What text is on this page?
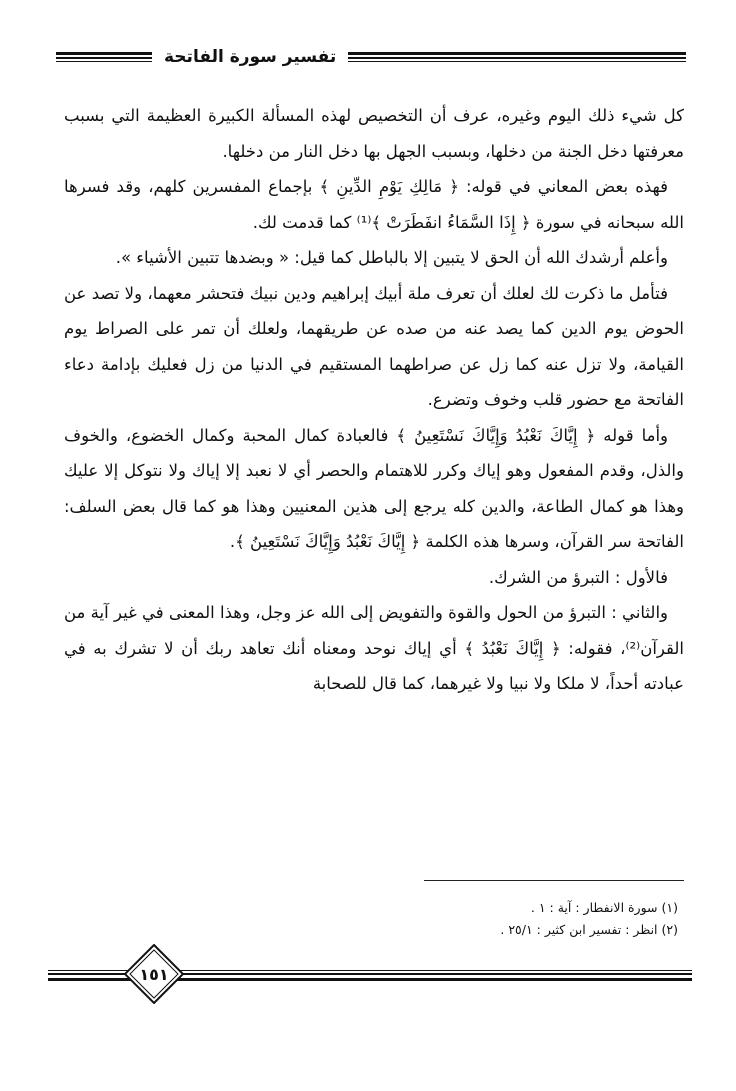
تفسير سورة الفاتحة

كل شيء ذلك اليوم وغيره، عرف أن التخصيص لهذه المسألة الكبيرة العظيمة التي بسبب معرفتها دخل الجنة من دخلها، وبسبب الجهل بها دخل النار من دخلها.

فهذه بعض المعاني في قوله: ﴿ مَالِكِ يَوْمِ الدِّينِ ﴾ بإجماع المفسرين كلهم، وقد فسرها الله سبحانه في سورة ﴿ إِذَا السَّمَاءُ انفَطَرَتْ ﴾⁽¹⁾ كما قدمت لك.

وأعلم أرشدك الله أن الحق لا يتبين إلا بالباطل كما قيل: « وبضدها تتبين الأشياء ».

فتأمل ما ذكرت لك لعلك أن تعرف ملة أبيك إبراهيم ودين نبيك فتحشر معهما، ولا تصد عن الحوض يوم الدين كما يصد عنه من صده عن طريقهما، ولعلك أن تمر على الصراط يوم القيامة، ولا تزل عنه كما زل عن صراطهما المستقيم في الدنيا من زل فعليك بإدامة دعاء الفاتحة مع حضور قلب وخوف وتضرع.

وأما قوله ﴿ إِيَّاكَ نَعْبُدُ وَإِيَّاكَ نَسْتَعِينُ ﴾ فالعبادة كمال المحبة وكمال الخضوع، والخوف والذل، وقدم المفعول وهو إياك وكرر للاهتمام والحصر أي لا نعبد إلا إياك ولا نتوكل إلا عليك وهذا هو كمال الطاعة، والدين كله يرجع إلى هذين المعنيين وهذا هو كما قال بعض السلف: الفاتحة سر القرآن، وسرها هذه الكلمة ﴿ إِيَّاكَ نَعْبُدُ وَإِيَّاكَ نَسْتَعِينُ ﴾.

فالأول : التبرؤ من الشرك.

والثاني : التبرؤ من الحول والقوة والتفويض إلى الله عز وجل، وهذا المعنى في غير آية من القرآن⁽²⁾، فقوله: ﴿ إِيَّاكَ نَعْبُدُ ﴾ أي إياك نوحد ومعناه أنك تعاهد ربك أن لا تشرك به في عبادته أحداً، لا ملكا ولا نبيا ولا غيرهما، كما قال للصحابة

(١) سورة الانفطار : آية : ١ .
(٢) انظر : تفسير ابن كثير : ٢٥/١ .
١٥١
